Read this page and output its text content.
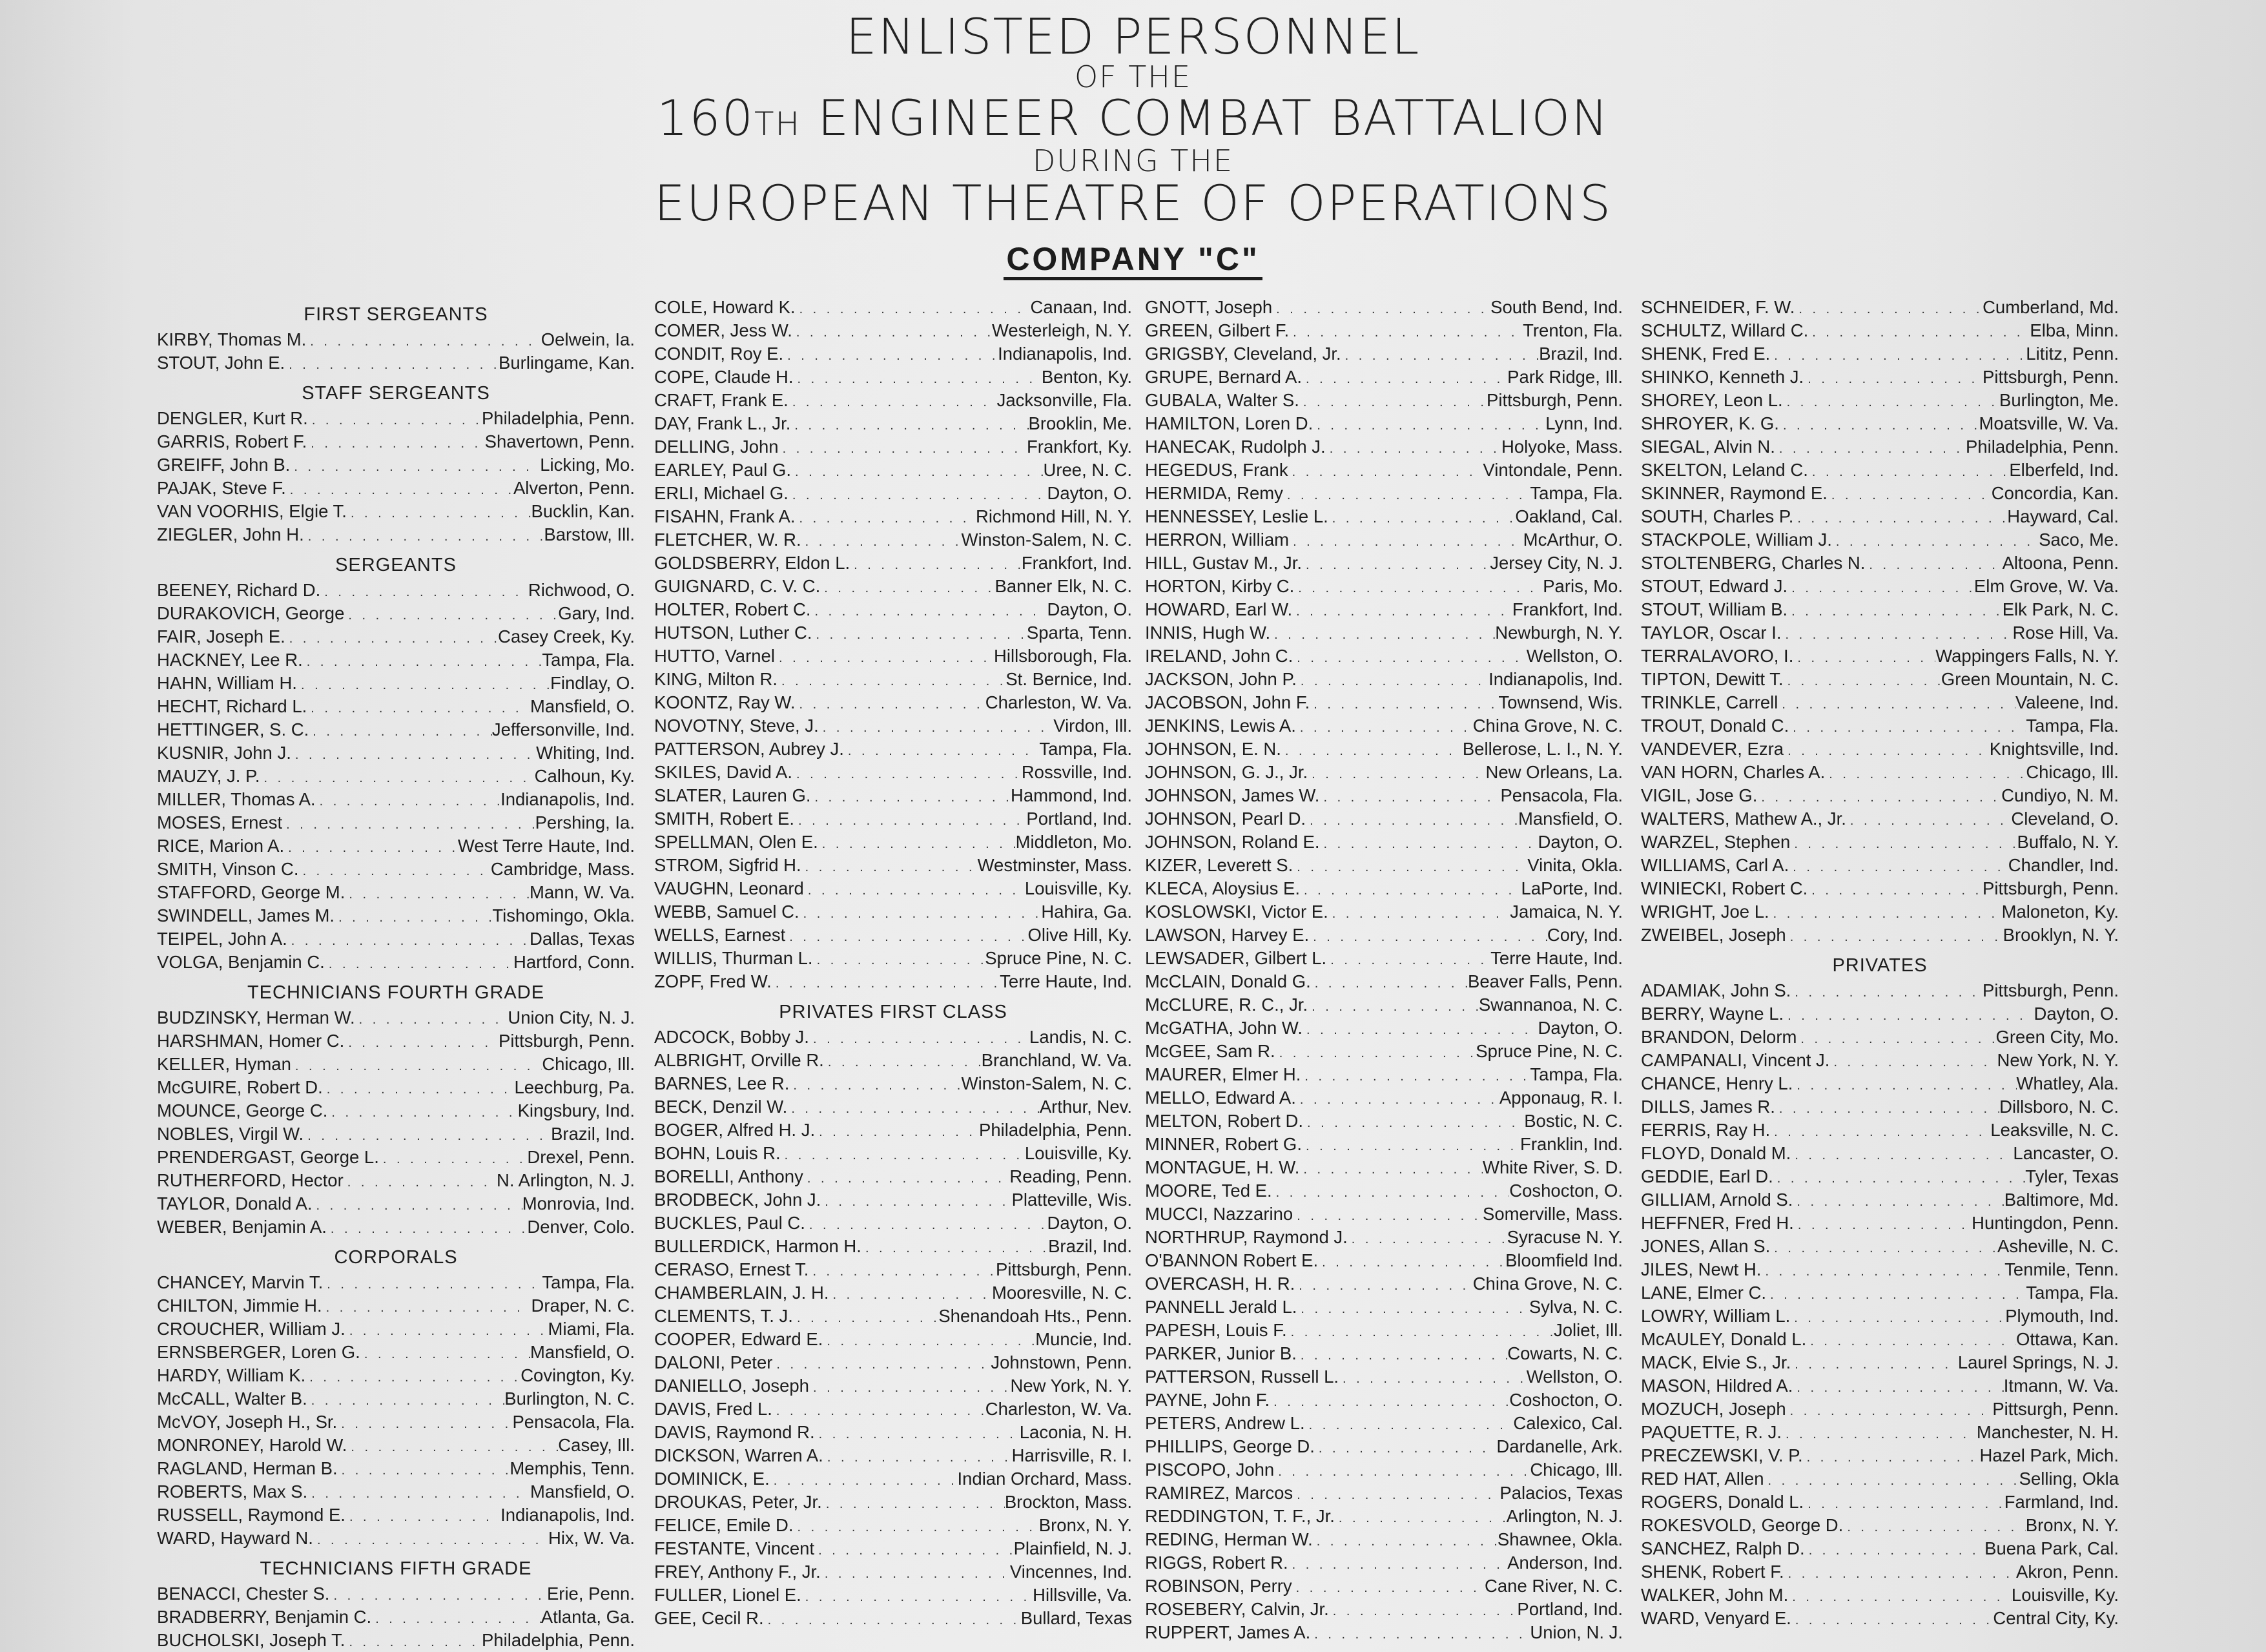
ENLISTED PERSONNEL
OF THE
160TH ENGINEER COMBAT BATTALION
DURING THE
EUROPEAN THEATRE OF OPERATIONS
COMPANY "C"
FIRST SERGEANTS
KIRBY, Thomas M. . . .	Oelwein, Ia.
STOUT, John E. . . .	Burlingame, Kan.
STAFF SERGEANTS
DENGLER, Kurt R. . . .	Philadelphia, Penn.
GARRIS, Robert F. . . .	Shavertown, Penn.
GREIFF, John B. . . .	Licking, Mo.
PAJAK, Steve F. . . .	Alverton, Penn.
VAN VOORHIS, Elgie T. . . .	Bucklin, Kan.
ZIEGLER, John H. . . .	Barstow, Ill.
SERGEANTS
BEENEY, Richard D. . . .	Richwood, O.
DURAKOVICH, George . . .	Gary, Ind.
FAIR, Joseph E. . . .	Casey Creek, Ky.
HACKNEY, Lee R. . . .	Tampa, Fla.
HAHN, William H. . . .	Findlay, O.
HECHT, Richard L. . . .	Mansfield, O.
HETTINGER, S. C. . . .	Jeffersonville, Ind.
KUSNIR, John J. . . .	Whiting, Ind.
MAUZY, J. P. . . .	Calhoun, Ky.
MILLER, Thomas A. . . .	Indianapolis, Ind.
MOSES, Ernest . . .	Pershing, Ia.
RICE, Marion A. . . .	West Terre Haute, Ind.
SMITH, Vinson C. . . .	Cambridge, Mass.
STAFFORD, George M. . . .	Mann, W. Va.
SWINDELL, James M. . . .	Tishomingo, Okla.
TEIPEL, John A. . . .	Dallas, Texas
VOLGA, Benjamin C. . . .	Hartford, Conn.
TECHNICIANS FOURTH GRADE
BUDZINSKY, Herman W. . . .	Union City, N. J.
HARSHMAN, Homer C. . . .	Pittsburgh, Penn.
KELLER, Hyman . . .	Chicago, Ill.
McGUIRE, Robert D. . . .	Leechburg, Pa.
MOUNCE, George C. . . .	Kingsbury, Ind.
NOBLES, Virgil W. . . .	Brazil, Ind.
PRENDERGAST, George L. . . .	Drexel, Penn.
RUTHERFORD, Hector . . .	N. Arlington, N. J.
TAYLOR, Donald A. . . .	Monrovia, Ind.
WEBER, Benjamin A. . . .	Denver, Colo.
CORPORALS
CHANCEY, Marvin T. . . .	Tampa, Fla.
CHILTON, Jimmie H. . . .	Draper, N. C.
CROUCHER, William J. . . .	Miami, Fla.
ERNSBERGER, Loren G. . . .	Mansfield, O.
HARDY, William K. . . .	Covington, Ky.
McCALL, Walter B. . . .	Burlington, N. C.
McVOY, Joseph H., Sr. . . .	Pensacola, Fla.
MONRONEY, Harold W. . . .	Casey, Ill.
RAGLAND, Herman B. . . .	Memphis, Tenn.
ROBERTS, Max S. . . .	Mansfield, O.
RUSSELL, Raymond E. . . .	Indianapolis, Ind.
WARD, Hayward N. . . .	Hix, W. Va.
TECHNICIANS FIFTH GRADE
BENACCI, Chester S. . . .	Erie, Penn.
BRADBERRY, Benjamin C. . . .	Atlanta, Ga.
BUCHOLSKI, Joseph T. . . .	Philadelphia, Penn.
COLE, Howard K. . . .	Canaan, Ind.
COMER, Jess W. . . .	Westerleigh, N. Y.
CONDIT, Roy E. . . .	Indianapolis, Ind.
COPE, Claude H. . . .	Benton, Ky.
CRAFT, Frank E. . . .	Jacksonville, Fla.
DAY, Frank L., Jr. . . .	Brooklin, Me.
DELLING, John . . .	Frankfort, Ky.
EARLEY, Paul G. . . .	Uree, N. C.
ERLI, Michael G. . . .	Dayton, O.
FISAHN, Frank A. . . .	Richmond Hill, N. Y.
FLETCHER, W. R. . . .	Winston-Salem, N. C.
GOLDSBERRY, Eldon L. . . .	Frankfort, Ind.
GUIGNARD, C. V. C. . . .	Banner Elk, N. C.
HOLTER, Robert C. . . .	Dayton, O.
HUTSON, Luther C. . . .	Sparta, Tenn.
HUTTO, Varnel . . .	Hillsborough, Fla.
KING, Milton R. . . .	St. Bernice, Ind.
KOONTZ, Ray W. . . .	Charleston, W. Va.
NOVOTNY, Steve, J. . . .	Virdon, Ill.
PATTERSON, Aubrey J. . . .	Tampa, Fla.
SKILES, David A. . . .	Rossville, Ind.
SLATER, Lauren G. . . .	Hammond, Ind.
SMITH, Robert E. . . .	Portland, Ind.
SPELLMAN, Olen E. . . .	Middleton, Mo.
STROM, Sigfrid H. . . .	Westminster, Mass.
VAUGHN, Leonard . . .	Louisville, Ky.
WEBB, Samuel C. . . .	Hahira, Ga.
WELLS, Earnest . . .	Olive Hill, Ky.
WILLIS, Thurman L. . . .	Spruce Pine, N. C.
ZOPF, Fred W. . . .	Terre Haute, Ind.
PRIVATES FIRST CLASS
ADCOCK, Bobby J. . . .	Landis, N. C.
ALBRIGHT, Orville R. . . .	Branchland, W. Va.
BARNES, Lee R. . . .	Winston-Salem, N. C.
BECK, Denzil W. . . .	Arthur, Nev.
BOGER, Alfred H. J. . . .	Philadelphia, Penn.
BOHN, Louis R. . . .	Louisville, Ky.
BORELLI, Anthony . . .	Reading, Penn.
BRODBECK, John J. . . .	Platteville, Wis.
BUCKLES, Paul C. . . .	Dayton, O.
BULLERDICK, Harmon H. . . .	Brazil, Ind.
CERASO, Ernest T. . . .	Pittsburgh, Penn.
CHAMBERLAIN, J. H. . . .	Mooresville, N. C.
CLEMENTS, T. J. . . .	Shenandoah Hts., Penn.
COOPER, Edward E. . . .	Muncie, Ind.
DALONI, Peter . . .	Johnstown, Penn.
DANIELLO, Joseph . . .	New York, N. Y.
DAVIS, Fred L. . . .	Charleston, W. Va.
DAVIS, Raymond R. . . .	Laconia, N. H.
DICKSON, Warren A. . . .	Harrisville, R. I.
DOMINICK, E. . . .	Indian Orchard, Mass.
DROUKAS, Peter, Jr. . . .	Brockton, Mass.
FELICE, Emile D. . . .	Bronx, N. Y.
FESTANTE, Vincent . . .	Plainfield, N. J.
FREY, Anthony F., Jr. . . .	Vincennes, Ind.
FULLER, Lionel E. . . .	Hillsville, Va.
GEE, Cecil R. . . .	Bullard, Texas
GNOTT, Joseph . . .	South Bend, Ind.
GREEN, Gilbert F. . . .	Trenton, Fla.
GRIGSBY, Cleveland, Jr. . . .	Brazil, Ind.
GRUPE, Bernard A. . . .	Park Ridge, Ill.
GUBALA, Walter S. . . .	Pittsburgh, Penn.
HAMILTON, Loren D. . . .	Lynn, Ind.
HANECAK, Rudolph J. . . .	Holyoke, Mass.
HEGEDUS, Frank . . .	Vintondale, Penn.
HERMIDA, Remy . . .	Tampa, Fla.
HENNESSEY, Leslie L. . . .	Oakland, Cal.
HERRON, William . . .	McArthur, O.
HILL, Gustav M., Jr. . . .	Jersey City, N. J.
HORTON, Kirby C. . . .	Paris, Mo.
HOWARD, Earl W. . . .	Frankfort, Ind.
INNIS, Hugh W. . . .	Newburgh, N. Y.
IRELAND, John C. . . .	Wellston, O.
JACKSON, John P. . . .	Indianapolis, Ind.
JACOBSON, John F. . . .	Townsend, Wis.
JENKINS, Lewis A. . . .	China Grove, N. C.
JOHNSON, E. N. . . .	Bellerose, L. I., N. Y.
JOHNSON, G. J., Jr. . . .	New Orleans, La.
JOHNSON, James W. . . .	Pensacola, Fla.
JOHNSON, Pearl D. . . .	Mansfield, O.
JOHNSON, Roland E. . . .	Dayton, O.
KIZER, Leverett S. . . .	Vinita, Okla.
KLECA, Aloysius E. . . .	LaPorte, Ind.
KOSLOWSKI, Victor E. . . .	Jamaica, N. Y.
LAWSON, Harvey E. . . .	Cory, Ind.
LEWSADER, Gilbert L. . . .	Terre Haute, Ind.
McCLAIN, Donald G. . . .	Beaver Falls, Penn.
McCLURE, R. C., Jr. . . .	Swannanoa, N. C.
McGATHA, John W. . . .	Dayton, O.
McGEE, Sam R. . . .	Spruce Pine, N. C.
MAURER, Elmer H. . . .	Tampa, Fla.
MELLO, Edward A. . . .	Apponaug, R. I.
MELTON, Robert D. . . .	Bostic, N. C.
MINNER, Robert G. . . .	Franklin, Ind.
MONTAGUE, H. W. . . .	White River, S. D.
MOORE, Ted E. . . .	Coshocton, O.
MUCCI, Nazzarino . . .	Somerville, Mass.
NORTHRUP, Raymond J. . . .	Syracuse N. Y.
O'BANNON Robert E. . . .	Bloomfield Ind.
OVERCASH, H. R. . . .	China Grove, N. C.
PANNELL Jerald L. . . .	Sylva, N. C.
PAPESH, Louis F. . . .	Joliet, Ill.
PARKER, Junior B. . . .	Cowarts, N. C.
PATTERSON, Russell L. . . .	Wellston, O.
PAYNE, John F. . . .	Coshocton, O.
PETERS, Andrew L. . . .	Calexico, Cal.
PHILLIPS, George D. . . .	Dardanelle, Ark.
PISCOPO, John . . .	Chicago, Ill.
RAMIREZ, Marcos . . .	Palacios, Texas
REDDINGTON, T. F., Jr. . . .	Arlington, N. J.
REDING, Herman W. . . .	Shawnee, Okla.
RIGGS, Robert R. . . .	Anderson, Ind.
ROBINSON, Perry . . .	Cane River, N. C.
ROSEBERY, Calvin, Jr. . . .	Portland, Ind.
RUPPERT, James A. . . .	Union, N. J.
SCHNEIDER, F. W. . . .	Cumberland, Md.
SCHULTZ, Willard C. . . .	Elba, Minn.
SHENK, Fred E. . . .	Lititz, Penn.
SHINKO, Kenneth J. . . .	Pittsburgh, Penn.
SHOREY, Leon L. . . .	Burlington, Me.
SHROYER, K. G. . . .	Moatsville, W. Va.
SIEGAL, Alvin N. . . .	Philadelphia, Penn.
SKELTON, Leland C. . . .	Elberfeld, Ind.
SKINNER, Raymond E. . . .	Concordia, Kan.
SOUTH, Charles P. . . .	Hayward, Cal.
STACKPOLE, William J. . . .	Saco, Me.
STOLTENBERG, Charles N. . . .	Altoona, Penn.
STOUT, Edward J. . . .	Elm Grove, W. Va.
STOUT, William B. . . .	Elk Park, N. C.
TAYLOR, Oscar I. . . .	Rose Hill, Va.
TERRALAVORO, I. . . .	Wappingers Falls, N. Y.
TIPTON, Dewitt T. . . .	Green Mountain, N. C.
TRINKLE, Carrell . . .	Valeene, Ind.
TROUT, Donald C. . . .	Tampa, Fla.
VANDEVER, Ezra . . .	Knightsville, Ind.
VAN HORN, Charles A. . . .	Chicago, Ill.
VIGIL, Jose G. . . .	Cundiyo, N. M.
WALTERS, Mathew A., Jr. . . .	Cleveland, O.
WARZEL, Stephen . . .	Buffalo, N. Y.
WILLIAMS, Carl A. . . .	Chandler, Ind.
WINIECKI, Robert C. . . .	Pittsburgh, Penn.
WRIGHT, Joe L. . . .	Maloneton, Ky.
ZWEIBEL, Joseph . . .	Brooklyn, N. Y.
PRIVATES
ADAMIAK, John S. . . .	Pittsburgh, Penn.
BERRY, Wayne L. . . .	Dayton, O.
BRANDON, Delorm . . .	Green City, Mo.
CAMPANALI, Vincent J. . . .	New York, N. Y.
CHANCE, Henry L. . . .	Whatley, Ala.
DILLS, James R. . . .	Dillsboro, N. C.
FERRIS, Ray H. . . .	Leaksville, N. C.
FLOYD, Donald M. . . .	Lancaster, O.
GEDDIE, Earl D. . . .	Tyler, Texas
GILLIAM, Arnold S. . . .	Baltimore, Md.
HEFFNER, Fred H. . . .	Huntingdon, Penn.
JONES, Allan S. . . .	Asheville, N. C.
JILES, Newt H. . . .	Tenmile, Tenn.
LANE, Elmer C. . . .	Tampa, Fla.
LOWRY, William L. . . .	Plymouth, Ind.
McAULEY, Donald L. . . .	Ottawa, Kan.
MACK, Elvie S., Jr. . . .	Laurel Springs, N. J.
MASON, Hildred A. . . .	Itmann, W. Va.
MOZUCH, Joseph . . .	Pittsurgh, Penn.
PAQUETTE, R. J. . . .	Manchester, N. H.
PRECZEWSKI, V. P. . . .	Hazel Park, Mich.
RED HAT, Allen . . .	Selling, Okla
ROGERS, Donald L. . . .	Farmland, Ind.
ROKESVOLD, George D. . . .	Bronx, N. Y.
SANCHEZ, Ralph D. . . .	Buena Park, Cal.
SHENK, Robert F. . . .	Akron, Penn.
WALKER, John M. . . .	Louisville, Ky.
WARD, Venyard E. . . .	Central City, Ky.
